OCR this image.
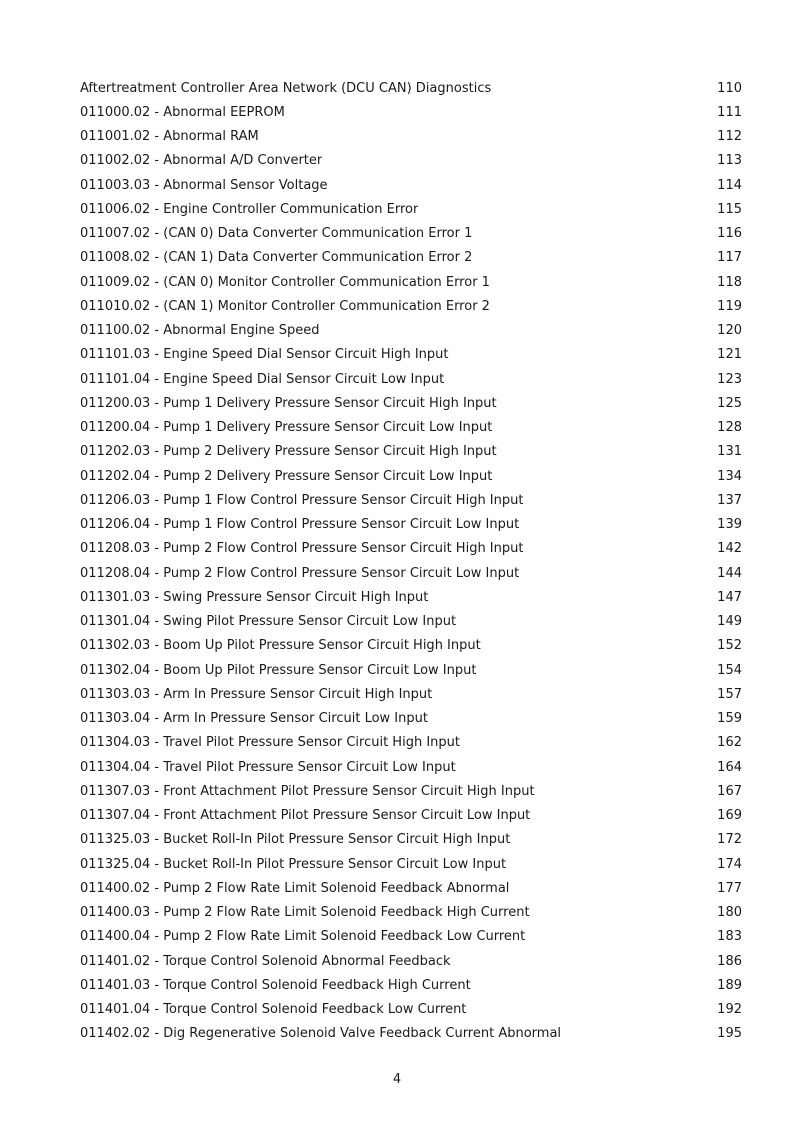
Aftertreatment Controller Area Network (DCU CAN) Diagnostics	110
011000.02 - Abnormal EEPROM	111
011001.02 - Abnormal RAM	112
011002.02 - Abnormal A/D Converter	113
011003.03 - Abnormal Sensor Voltage	114
011006.02 - Engine Controller Communication Error	115
011007.02 - (CAN 0) Data Converter Communication Error 1	116
011008.02 - (CAN 1) Data Converter Communication Error 2	117
011009.02 - (CAN 0) Monitor Controller Communication Error 1	118
011010.02 - (CAN 1) Monitor Controller Communication Error 2	119
011100.02 - Abnormal Engine Speed	120
011101.03 - Engine Speed Dial Sensor Circuit High Input	121
011101.04 - Engine Speed Dial Sensor Circuit Low Input	123
011200.03 - Pump 1 Delivery Pressure Sensor Circuit High Input	125
011200.04 - Pump 1 Delivery Pressure Sensor Circuit Low Input	128
011202.03 - Pump 2 Delivery Pressure Sensor Circuit High Input	131
011202.04 - Pump 2 Delivery Pressure Sensor Circuit Low Input	134
011206.03 - Pump 1 Flow Control Pressure Sensor Circuit High Input	137
011206.04 - Pump 1 Flow Control Pressure Sensor Circuit Low Input	139
011208.03 - Pump 2 Flow Control Pressure Sensor Circuit High Input	142
011208.04 - Pump 2 Flow Control Pressure Sensor Circuit Low Input	144
011301.03 - Swing Pressure Sensor Circuit High Input	147
011301.04 - Swing Pilot Pressure Sensor Circuit Low Input	149
011302.03 - Boom Up Pilot Pressure Sensor Circuit High Input	152
011302.04 - Boom Up Pilot Pressure Sensor Circuit Low Input	154
011303.03 - Arm In Pressure Sensor Circuit High Input	157
011303.04 - Arm In Pressure Sensor Circuit Low Input	159
011304.03 - Travel Pilot Pressure Sensor Circuit High Input	162
011304.04 - Travel Pilot Pressure Sensor Circuit Low Input	164
011307.03 - Front Attachment Pilot Pressure Sensor Circuit High Input	167
011307.04 - Front Attachment Pilot Pressure Sensor Circuit Low Input	169
011325.03 - Bucket Roll-In Pilot Pressure Sensor Circuit High Input	172
011325.04 - Bucket Roll-In Pilot Pressure Sensor Circuit Low Input	174
011400.02 - Pump 2 Flow Rate Limit Solenoid Feedback Abnormal	177
011400.03 - Pump 2 Flow Rate Limit Solenoid Feedback High Current	180
011400.04 - Pump 2 Flow Rate Limit Solenoid Feedback Low Current	183
011401.02 - Torque Control Solenoid Abnormal Feedback	186
011401.03 - Torque Control Solenoid Feedback High Current	189
011401.04 - Torque Control Solenoid Feedback Low Current	192
011402.02 - Dig Regenerative Solenoid Valve Feedback Current Abnormal	195
4
